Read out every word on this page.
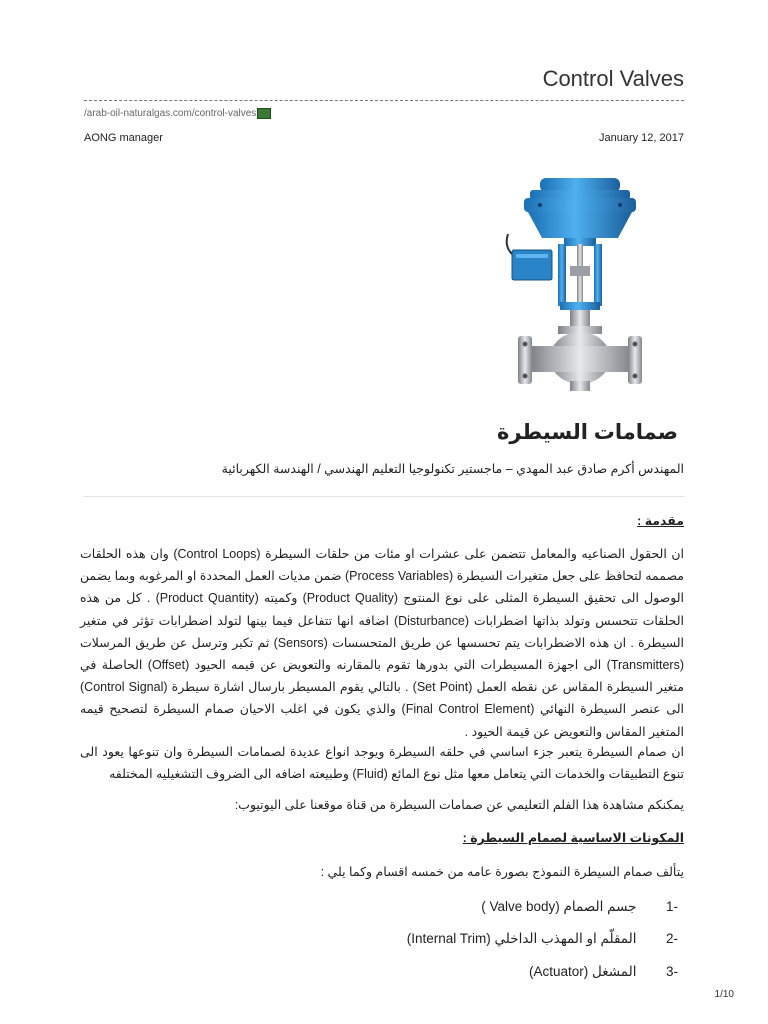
Control Valves
/arab-oil-naturalgas.com/control-valves
AONG manager	January 12, 2017
صمامات السيطرة
المهندس أكرم صادق عبد المهدي – ماجستير تكنولوجيا التعليم الهندسي / الهندسة الكهربائية
مقدمة :
ان الحقول الصناعيه والمعامل تتضمن على عشرات او مئات من حلقات السيطرة (Control Loops) وان هذه الحلقات مصممه لتحافظ على جعل متغيرات السيطرة (Process Variables) ضمن مديات العمل المحددة او المرغوبه وبما يضمن الوصول الى تحقيق السيطرة المثلى على نوع المنتوج (Product Quality) وكميته (Product Quantity) . كل من هذه الحلقات تتحسس وتولد بذاتها اضطرابات (Disturbance) اضافه انها تتفاعل فيما بينها لتولد اضطرابات تؤثر في متغير السيطرة . ان هذه الاضطرابات يتم تحسسها عن طريق المتحسسات (Sensors) ثم تكبر وترسل عن طريق المرسلات (Transmitters) الى اجهزة المسيطرات التي بدورها تقوم بالمقارنه والتعويض عن قيمه الحيود (Offset) الحاصلة في متغير السيطرة المقاس عن نقطه العمل (Set Point) . بالتالي يقوم المسيطر بارسال اشارة سيطرة (Control Signal) الى عنصر السيطرة النهائي (Final Control Element) والذي يكون في اغلب الاحيان صمام السيطرة لتصحيح قيمه المتغير المقاس والتعويض عن قيمة الحيود .
ان صمام السيطرة يتعبر جزء اساسي في حلقه السيطرة ويوجد انواع عديدة لصمامات السيطرة وان تنوعها يعود الى تنوع التطبيقات والخدمات التي يتعامل معها مثل نوع المائع (Fluid) وطبيعته اضافه الى الضروف التشغيليه المختلفه
يمكنكم مشاهدة هذا الفلم التعليمي عن صمامات السيطرة من قناة موقعنا على اليوتيوب:
المكونات الاساسية لصمام السيطرة :
يتألف صمام السيطرة النموذج بصورة عامه من خمسه اقسام وكما يلي :
-1  جسم الصمام (Valve body )
-2  المقلّم او المهذب الداخلي (Internal Trim)
-3  المشغل (Actuator)
1/10
